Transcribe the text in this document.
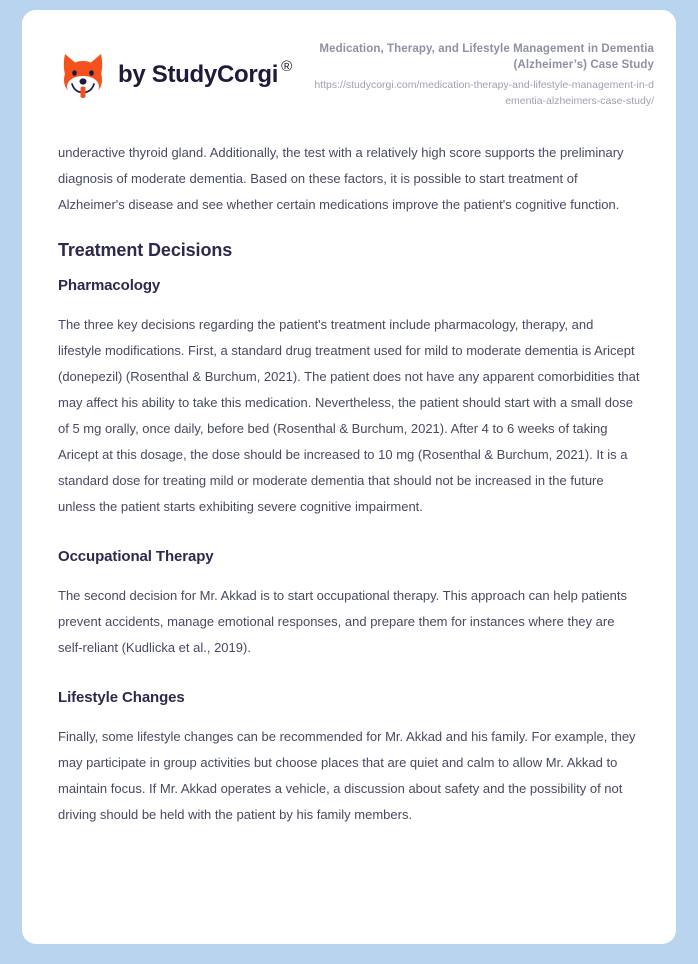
by StudyCorgi ®
Medication, Therapy, and Lifestyle Management in Dementia (Alzheimer’s) Case Study
https://studycorgi.com/medication-therapy-and-lifestyle-management-in-dementia-alzheimers-case-study/

underactive thyroid gland. Additionally, the test with a relatively high score supports the preliminary diagnosis of moderate dementia. Based on these factors, it is possible to start treatment of Alzheimer's disease and see whether certain medications improve the patient's cognitive function.

Treatment Decisions
Pharmacology

The three key decisions regarding the patient's treatment include pharmacology, therapy, and lifestyle modifications. First, a standard drug treatment used for mild to moderate dementia is Aricept (donepezil) (Rosenthal & Burchum, 2021). The patient does not have any apparent comorbidities that may affect his ability to take this medication. Nevertheless, the patient should start with a small dose of 5 mg orally, once daily, before bed (Rosenthal & Burchum, 2021). After 4 to 6 weeks of taking Aricept at this dosage, the dose should be increased to 10 mg (Rosenthal & Burchum, 2021). It is a standard dose for treating mild or moderate dementia that should not be increased in the future unless the patient starts exhibiting severe cognitive impairment.

Occupational Therapy

The second decision for Mr. Akkad is to start occupational therapy. This approach can help patients prevent accidents, manage emotional responses, and prepare them for instances where they are self-reliant (Kudlicka et al., 2019).

Lifestyle Changes

Finally, some lifestyle changes can be recommended for Mr. Akkad and his family. For example, they may participate in group activities but choose places that are quiet and calm to allow Mr. Akkad to maintain focus. If Mr. Akkad operates a vehicle, a discussion about safety and the possibility of not driving should be held with the patient by his family members.
